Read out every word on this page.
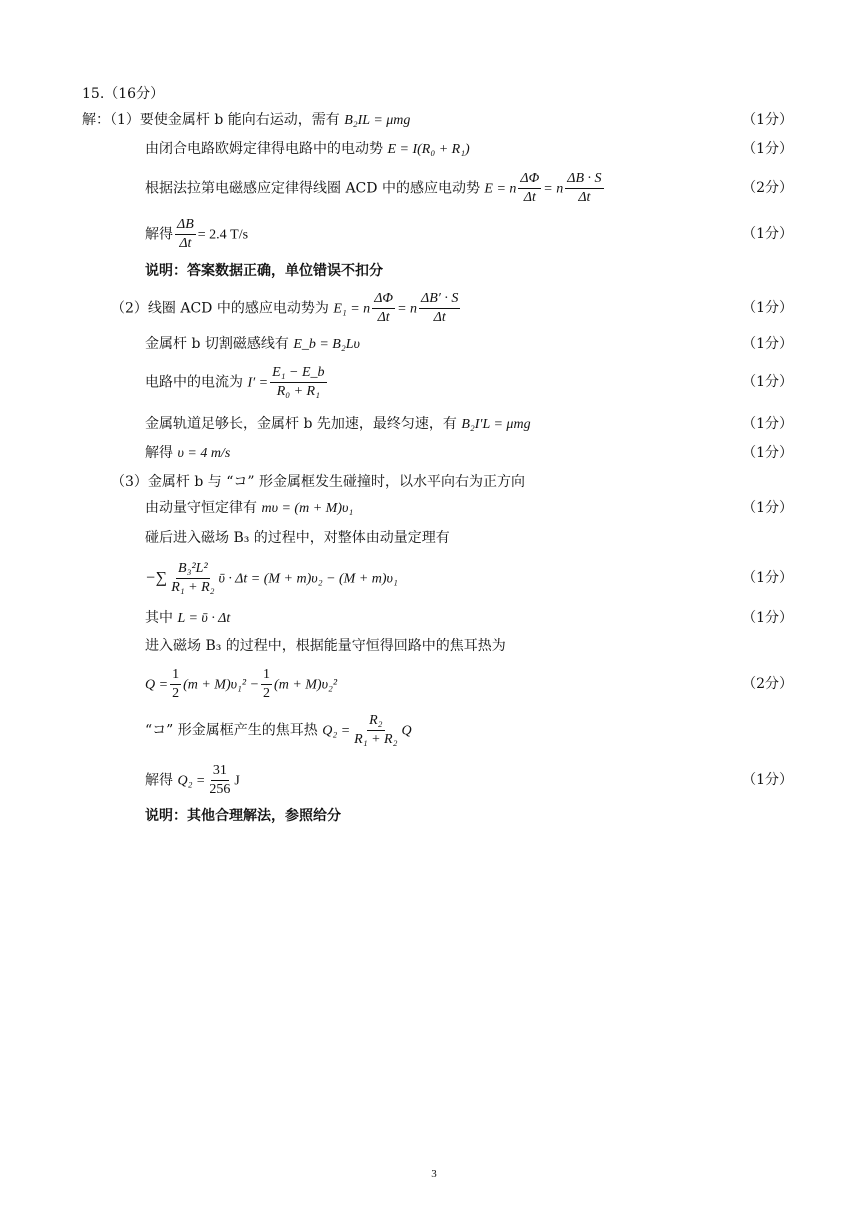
15.（16分）
解：（1）要使金属杆 b 能向右运动，需有 B₂IL = μmg	（1分）
由闭合电路欧姆定律得电路中的电动势 E = I(R₀ + R₁)	（1分）
根据法拉第电磁感应定律得线圈 ACD 中的感应电动势 E = n $\frac{\Delta\Phi}{\Delta t} = n \frac{\Delta B \cdot S}{\Delta t}$	（2分）
解得 $\frac{\Delta B}{\Delta t} = 2.4$ T/s	（1分）
说明：答案数据正确，单位错误不扣分
（2）线圈 ACD 中的感应电动势为 E₁ = n $\frac{\Delta\Phi}{\Delta t} = n \frac{\Delta B' \cdot S}{\Delta t}$	（1分）
金属杆 b 切割磁感线有 E_b = B₂Lυ	（1分）
电路中的电流为 $I' = \frac{\text{E₁ − E\_b}}{\text{R₀ + R₁}}$	（1分）
金属轨道足够长，金属杆 b 先加速，最终匀速，有 B₂I′L = μmg	（1分）
解得 υ = 4 m/s	（1分）
（3）金属杆 b 与 “コ” 形金属框发生碰撞时，以水平向右为正方向
由动量守恒定律有 mυ = (m + M)υ₁	（1分）
碰后进入磁场 B₃ 的过程中，对整体由动量定理有
−∑ $\frac{\text{B₃²L²}}{\text{R₁ + R₂}}$ ῡ · Δt = (M + m)υ₂ − (M + m)υ₁	（1分）
其中 L = ῡ · Δt	（1分）
进入磁场 B₃ 的过程中，根据能量守恒得回路中的焦耳热为
$Q = \frac{1}{2} (m + M)\upsilon_1^2 - \frac{1}{2} (m + M)\upsilon_2^2$	（2分）
“コ” 形金属框产生的焦耳热 $Q_2 = \frac{\text{R₂}}{\text{R₁ + R₂}}$ Q
解得 $Q_2 = \frac{31}{256}$ J	（1分）
说明：其他合理解法，参照给分
3
